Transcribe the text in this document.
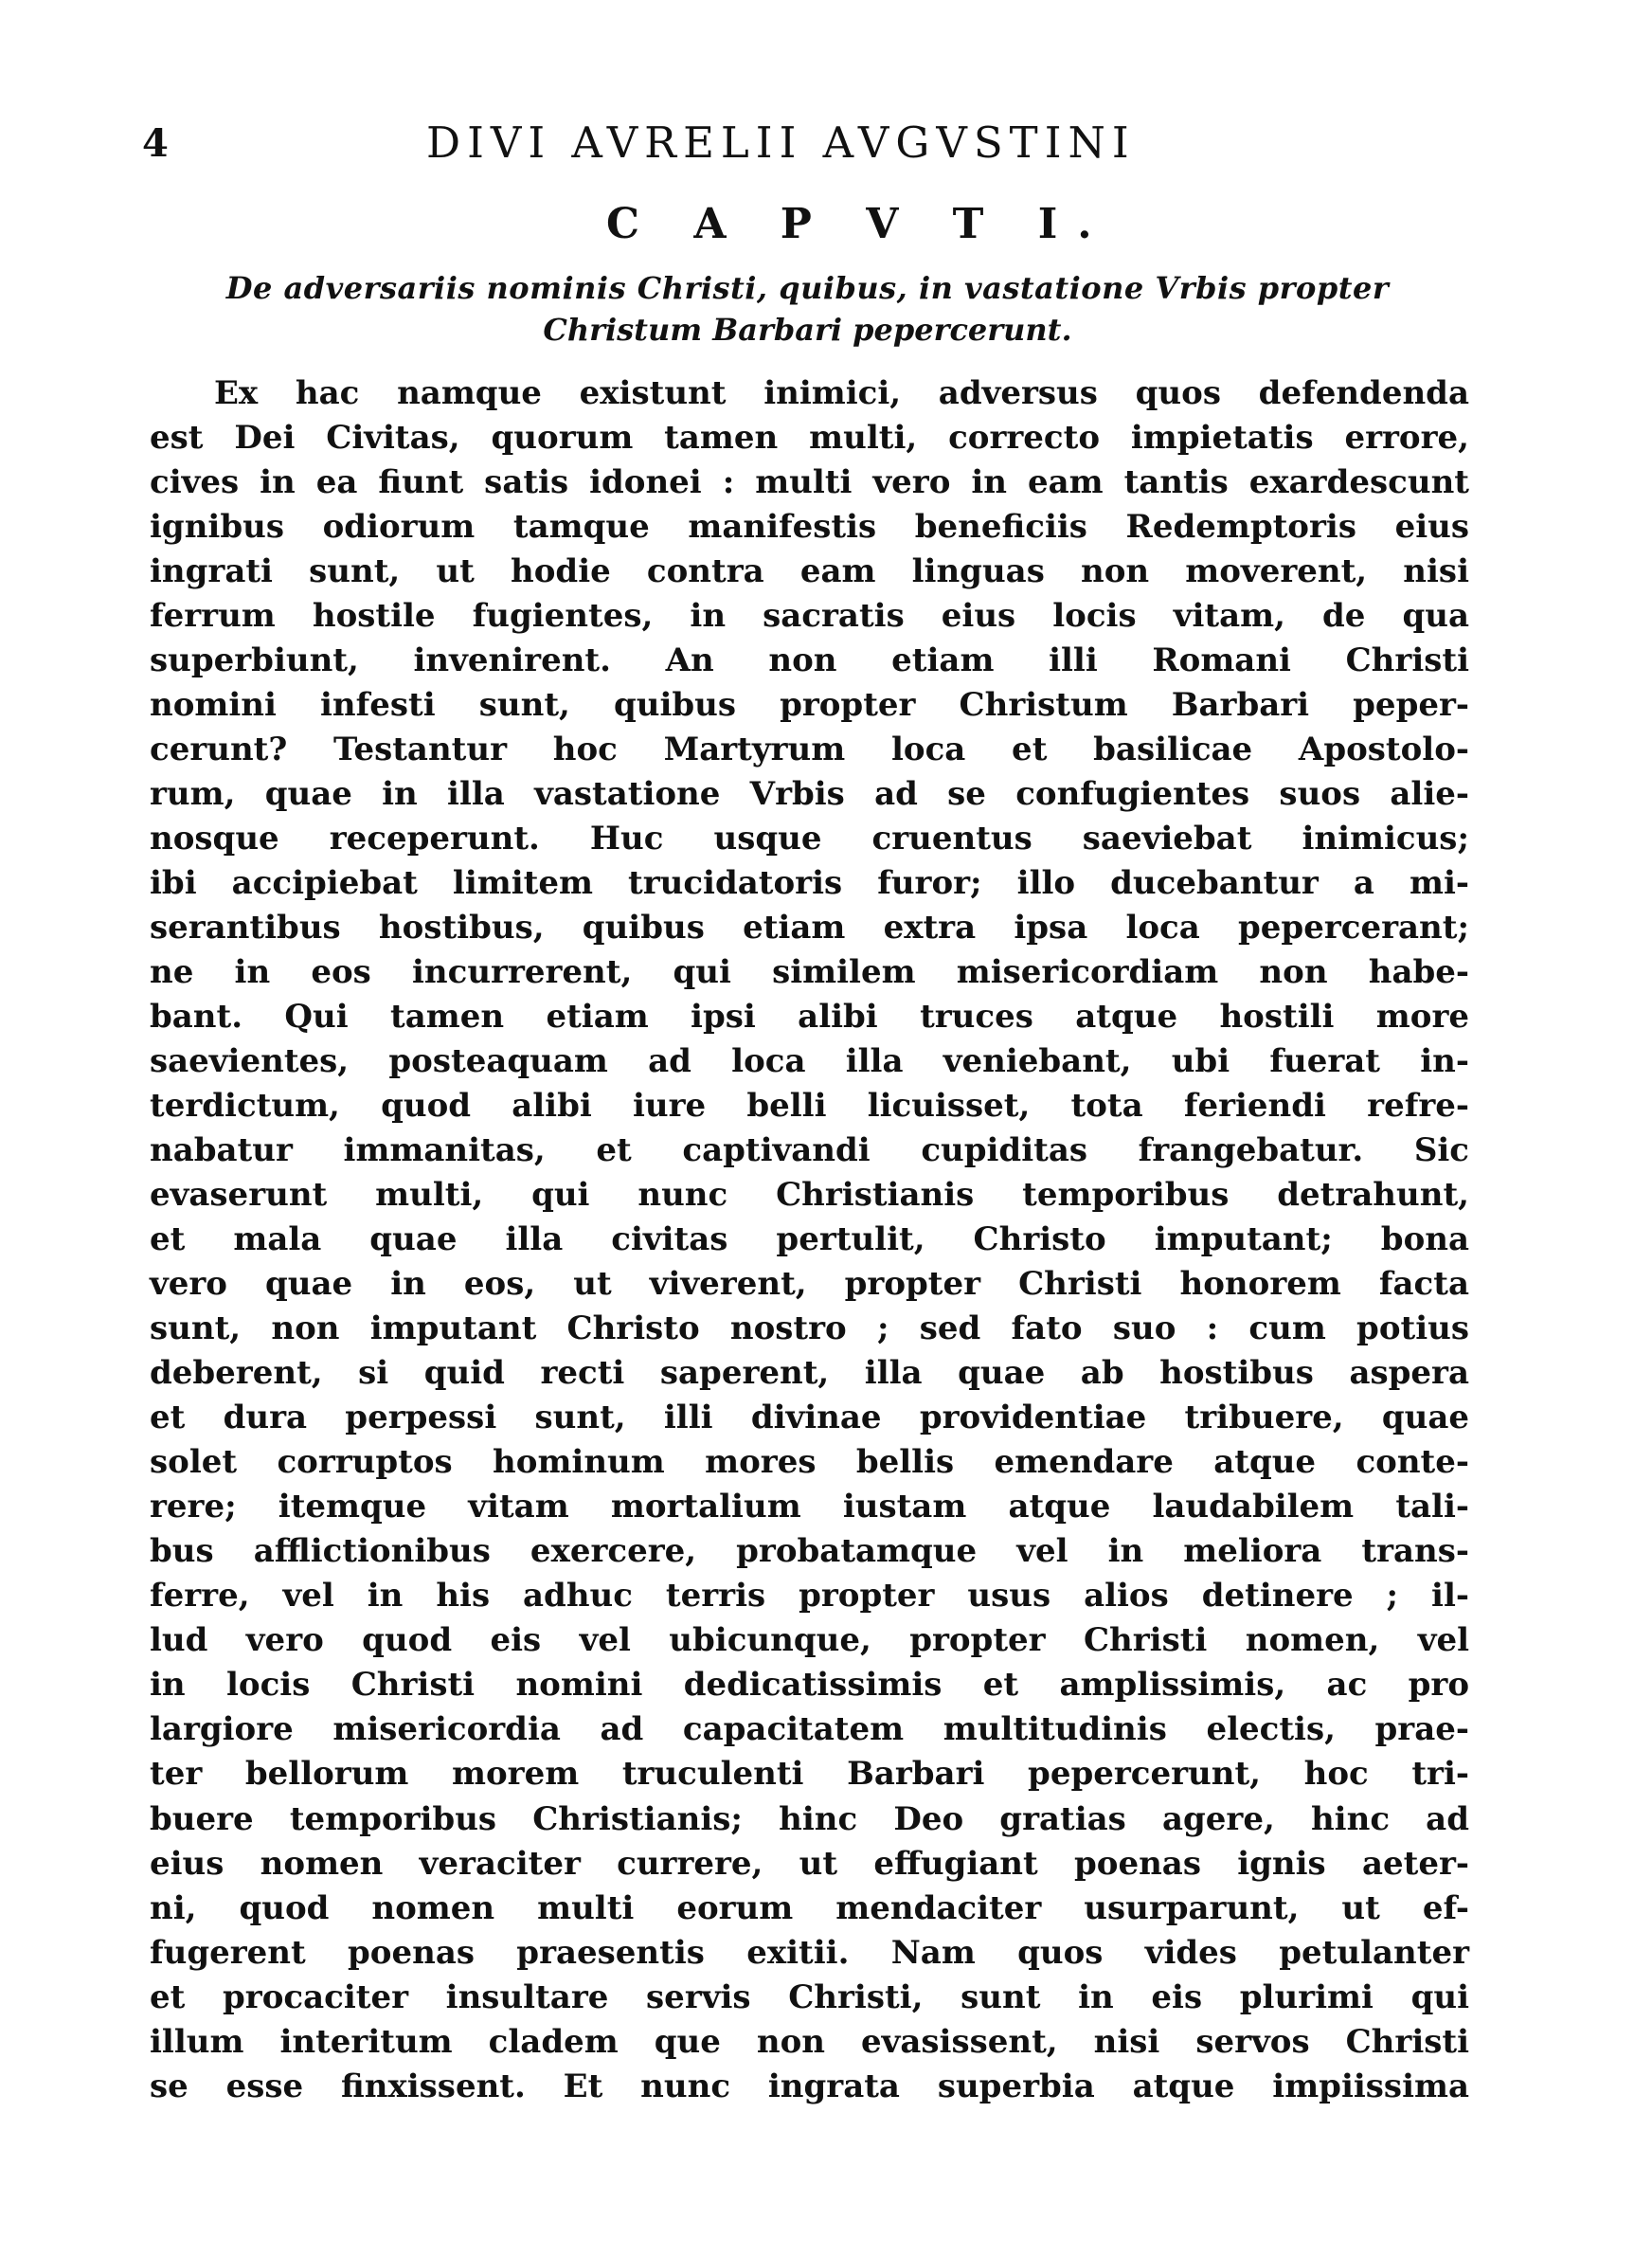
4	DIVI AVRELII AVGVSTINI
C A P V T I.
De adversariis nominis Christi, quibus, in vastatione Vrbis propter
Christum Barbari pepercerunt.
Ex hac namque existunt inimici, adversus quos defendenda
est Dei Civitas, quorum tamen multi, correcto impietatis errore,
cives in ea fiunt satis idonei : multi vero in eam tantis exardescunt
ignibus odiorum tamque manifestis beneficiis Redemptoris eius
ingrati sunt, ut hodie contra eam linguas non moverent, nisi
ferrum hostile fugientes, in sacratis eius locis vitam, de qua
superbiunt, invenirent. An non etiam illi Romani Christi
nomini infesti sunt, quibus propter Christum Barbari peper-
cerunt? Testantur hoc Martyrum loca et basilicae Apostolo-
rum, quae in illa vastatione Vrbis ad se confugientes suos alie-
nosque receperunt. Huc usque cruentus saeviebat inimicus;
ibi accipiebat limitem trucidatoris furor; illo ducebantur a mi-
serantibus hostibus, quibus etiam extra ipsa loca pepercerant;
ne in eos incurrerent, qui similem misericordiam non habe-
bant. Qui tamen etiam ipsi alibi truces atque hostili more
saevientes, posteaquam ad loca illa veniebant, ubi fuerat in-
terdictum, quod alibi iure belli licuisset, tota feriendi refre-
nabatur immanitas, et captivandi cupiditas frangebatur. Sic
evaserunt multi, qui nunc Christianis temporibus detrahunt,
et mala quae illa civitas pertulit, Christo imputant; bona
vero quae in eos, ut viverent, propter Christi honorem facta
sunt, non imputant Christo nostro ; sed fato suo : cum potius
deberent, si quid recti saperent, illa quae ab hostibus aspera
et dura perpessi sunt, illi divinae providentiae tribuere, quae
solet corruptos hominum mores bellis emendare atque conte-
rere; itemque vitam mortalium iustam atque laudabilem tali-
bus afflictionibus exercere, probatamque vel in meliora trans-
ferre, vel in his adhuc terris propter usus alios detinere ; il-
lud vero quod eis vel ubicunque, propter Christi nomen, vel
in locis Christi nomini dedicatissimis et amplissimis, ac pro
largiore misericordia ad capacitatem multitudinis electis, prae-
ter bellorum morem truculenti Barbari pepercerunt, hoc tri-
buere temporibus Christianis; hinc Deo gratias agere, hinc ad
eius nomen veraciter currere, ut effugiant poenas ignis aeter-
ni, quod nomen multi eorum mendaciter usurparunt, ut ef-
fugerent poenas praesentis exitii. Nam quos vides petulanter
et procaciter insultare servis Christi, sunt in eis plurimi qui
illum interitum cladem que non evasissent, nisi servos Christi
se esse finxissent. Et nunc ingrata superbia atque impiissima
